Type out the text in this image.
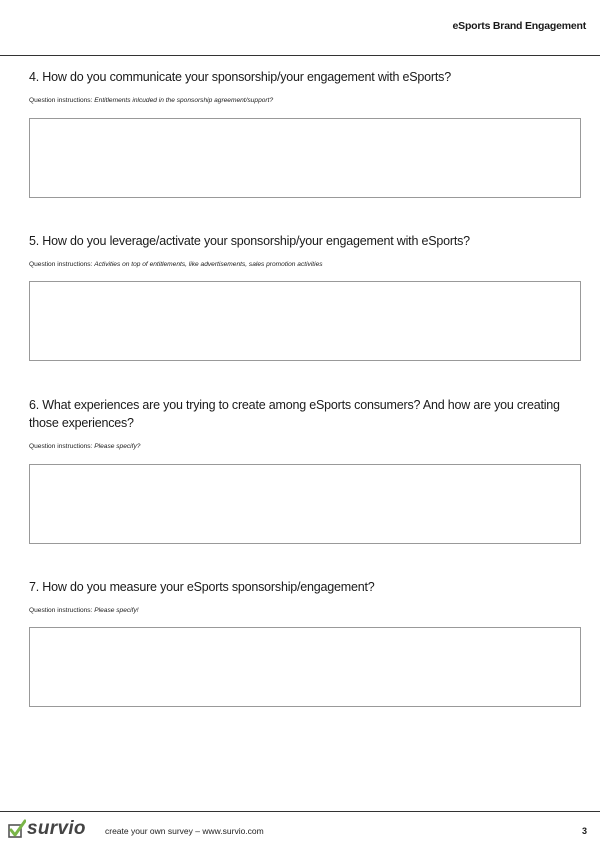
eSports Brand Engagement
4. How do you communicate your sponsorship/your engagement with eSports?
Question instructions: Entitlements inlcuded in the sponsorship agreement/support?
5. How do you leverage/activate your sponsorship/your engagement with eSports?
Question instructions: Activities on top of entitlements, like advertisements, sales promotion activities
6. What experiences are you trying to create among eSports consumers? And how are you creating those experiences?
Question instructions: Please specify?
7. How do you measure your eSports sponsorship/engagement?
Question instructions: Please specify!
survio create your own survey – www.survio.com	3
